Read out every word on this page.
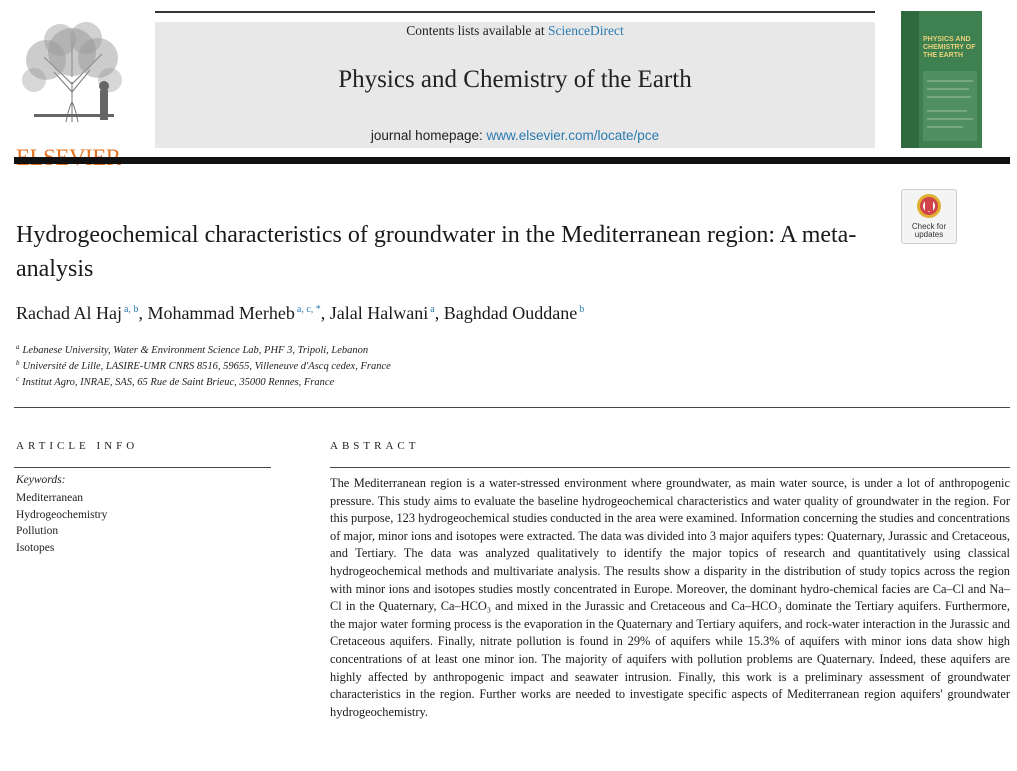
Contents lists available at ScienceDirect
Physics and Chemistry of the Earth
journal homepage: www.elsevier.com/locate/pce
PHYSICS AND CHEMISTRY OF THE EARTH
Check for updates
Hydrogeochemical characteristics of groundwater in the Mediterranean region: A meta-analysis
Rachad Al Haj $^{a, b}$, Mohammad Merheb $^{a, c, *}$, Jalal Halwani $^a$, Baghdad Ouddane $^b$
$^a$ Lebanese University, Water & Environment Science Lab, PHF 3, Tripoli, Lebanon
$^b$ Université de Lille, LASIRE-UMR CNRS 8516, 59655, Villeneuve d'Ascq cedex, France
$^c$ Institut Agro, INRAE, SAS, 65 Rue de Saint Brieuc, 35000 Rennes, France
ARTICLE INFO
Keywords:
Mediterranean
Hydrogeochemistry
Pollution
Isotopes
ABSTRACT

The Mediterranean region is a water-stressed environment where groundwater, as main water source, is under a lot of anthropogenic pressure. This study aims to evaluate the baseline hydrogeochemical characteristics and water quality of groundwater in the region. For this purpose, 123 hydrogeochemical studies conducted in the area were examined. Information concerning the studies and concentrations of major, minor ions and isotopes were extracted. The data was divided into 3 major aquifers types: Quaternary, Jurassic and Cretaceous, and Tertiary. The data was analyzed qualitatively to identify the major topics of research and quantitatively using classical hydrogeochemical methods and multivariate analysis. The results show a disparity in the distribution of study topics across the region with minor ions and isotopes studies mostly concentrated in Europe. Moreover, the dominant hydro-chemical facies are Ca–Cl and Na–Cl in the Quaternary, Ca–HCO₃ and mixed in the Jurassic and Cretaceous and Ca–HCO₃ dominate the Tertiary aquifers. Furthermore, the major water forming process is the evaporation in the Quaternary and Tertiary aquifers, and rock-water interaction in the Jurassic and Cretaceous aquifers. Finally, nitrate pollution is found in 29% of aquifers while 15.3% of aquifers with minor ions data show high concentrations of at least one minor ion. The majority of aquifers with pollution problems are Quaternary. Indeed, these aquifers are highly affected by anthropogenic impact and seawater intrusion. Finally, this work is a preliminary assessment of groundwater characteristics in the region. Further works are needed to investigate specific aspects of Mediterranean region aquifers' groundwater hydrogeochemistry.
